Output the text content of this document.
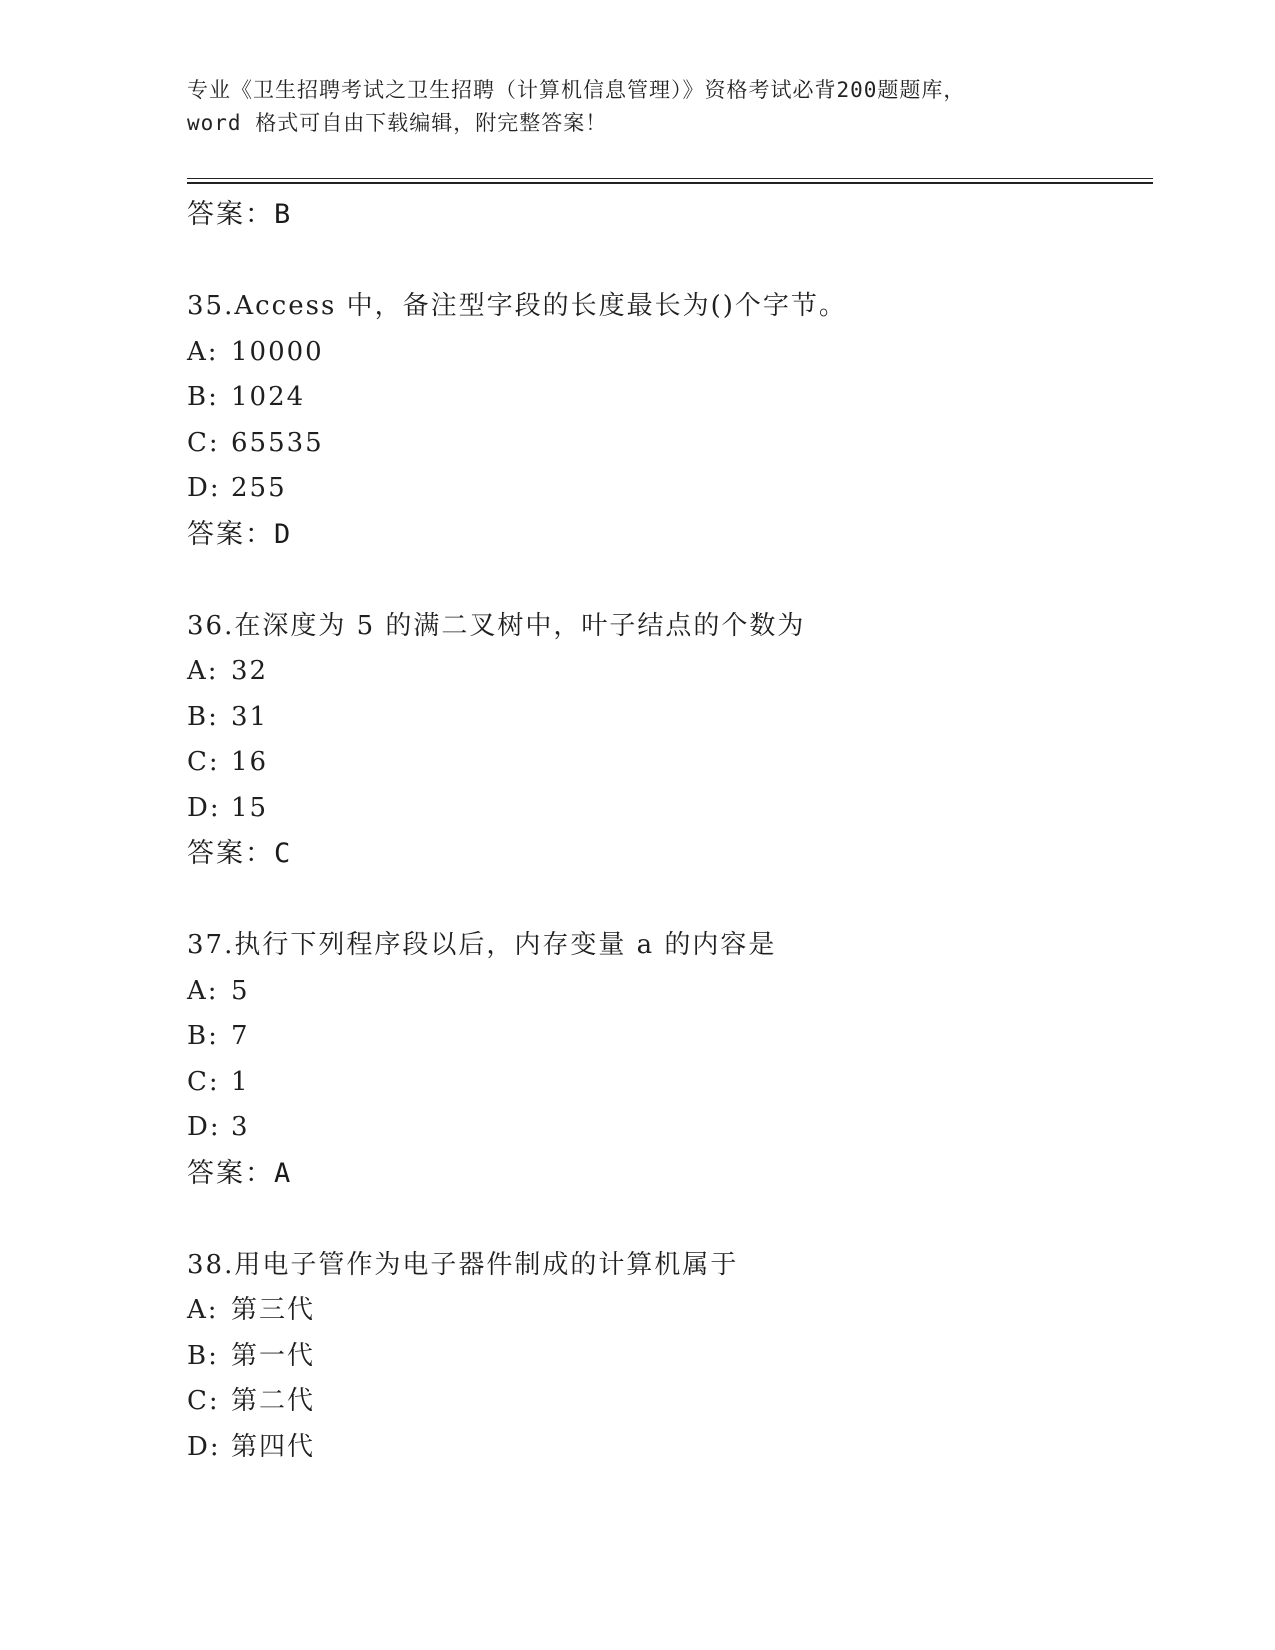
专业《卫生招聘考试之卫生招聘（计算机信息管理）》资格考试必背200题题库，
word 格式可自由下载编辑，附完整答案！
答案：B
35.Access 中，备注型字段的长度最长为()个字节。
A: 10000
B: 1024
C: 65535
D: 255
答案：D
36.在深度为 5 的满二叉树中，叶子结点的个数为
A: 32
B: 31
C: 16
D: 15
答案：C
37.执行下列程序段以后，内存变量 a 的内容是
A: 5
B: 7
C: 1
D: 3
答案：A
38.用电子管作为电子器件制成的计算机属于
A: 第三代
B: 第一代
C: 第二代
D: 第四代
